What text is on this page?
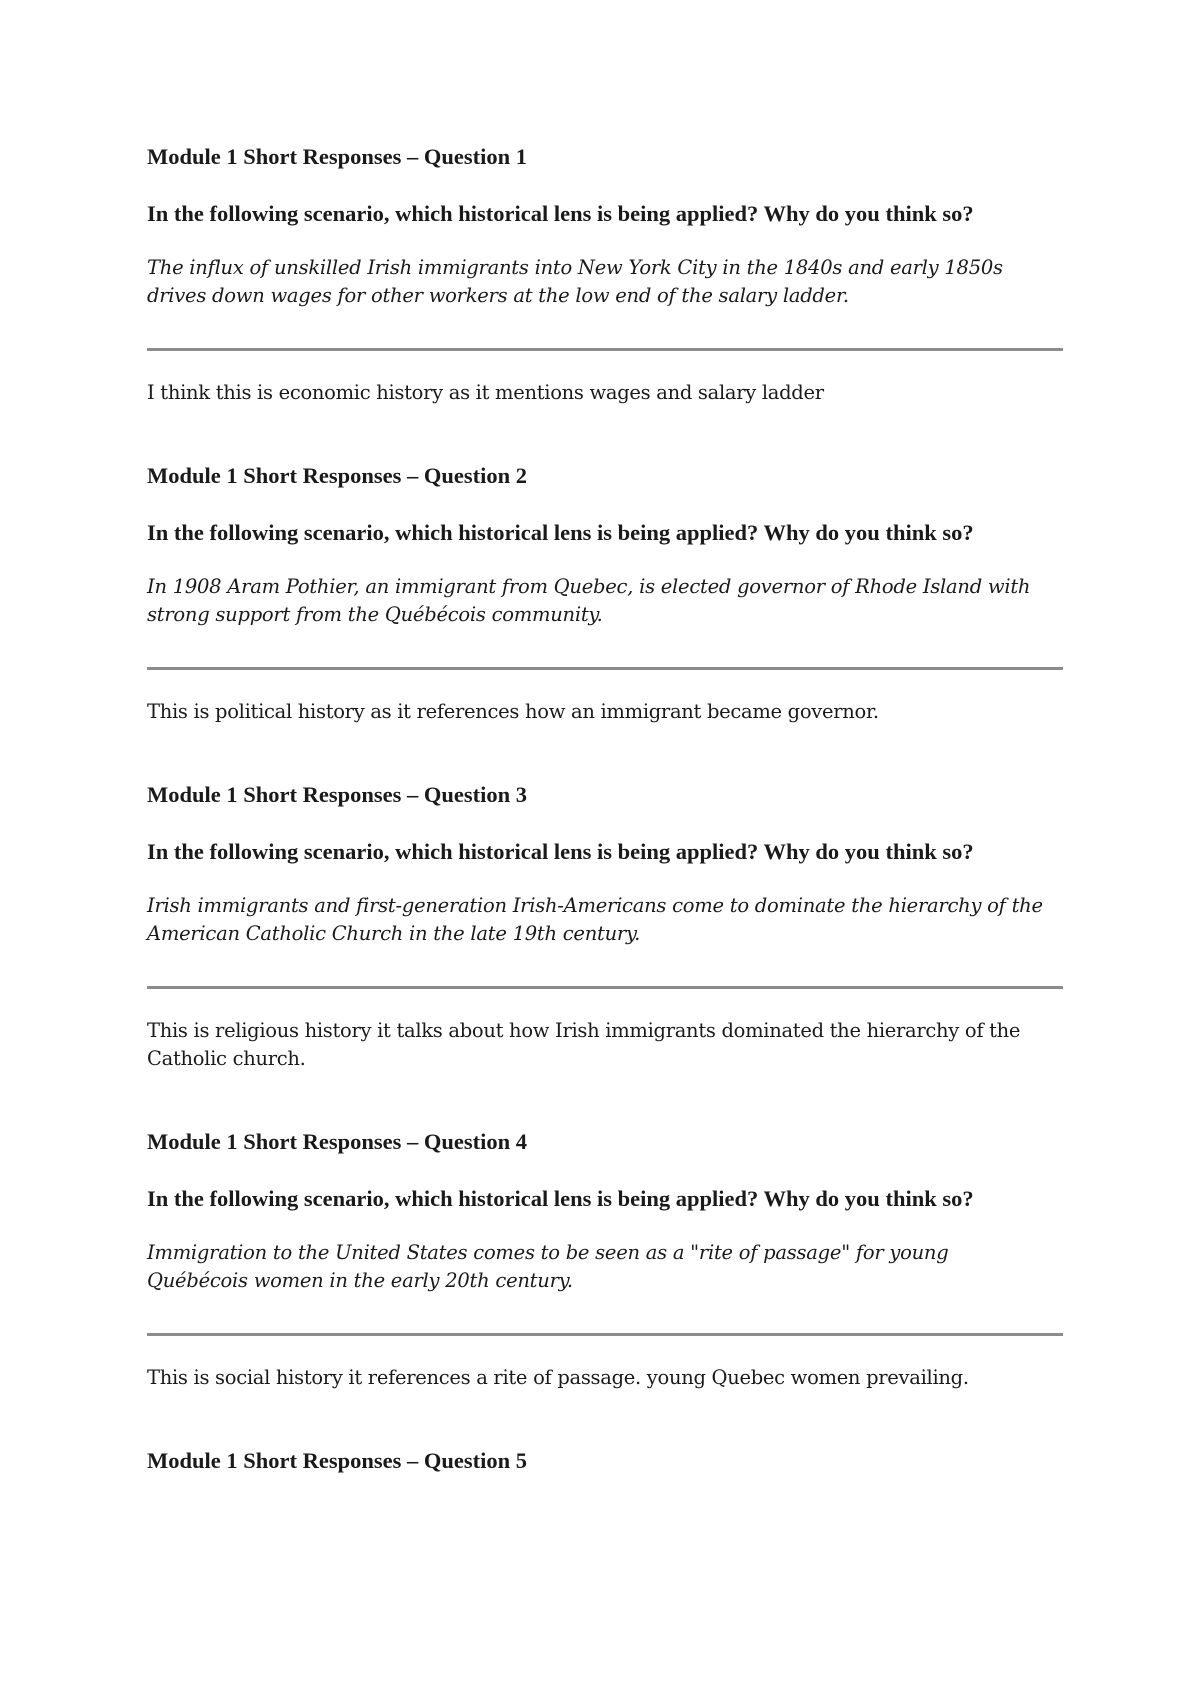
Module 1 Short Responses – Question 1

In the following scenario, which historical lens is being applied? Why do you think so?

The influx of unskilled Irish immigrants into New York City in the 1840s and early 1850s
drives down wages for other workers at the low end of the salary ladder.

I think this is economic history as it mentions wages and salary ladder

Module 1 Short Responses – Question 2

In the following scenario, which historical lens is being applied? Why do you think so?

In 1908 Aram Pothier, an immigrant from Quebec, is elected governor of Rhode Island with
strong support from the Québécois community.

This is political history as it references how an immigrant became governor.

Module 1 Short Responses – Question 3

In the following scenario, which historical lens is being applied? Why do you think so?

Irish immigrants and first-generation Irish-Americans come to dominate the hierarchy of the
American Catholic Church in the late 19th century.

This is religious history it talks about how Irish immigrants dominated the hierarchy of the
Catholic church.

Module 1 Short Responses – Question 4

In the following scenario, which historical lens is being applied? Why do you think so?

Immigration to the United States comes to be seen as a "rite of passage" for young
Québécois women in the early 20th century.

This is social history it references a rite of passage. young Quebec women prevailing.

Module 1 Short Responses – Question 5
